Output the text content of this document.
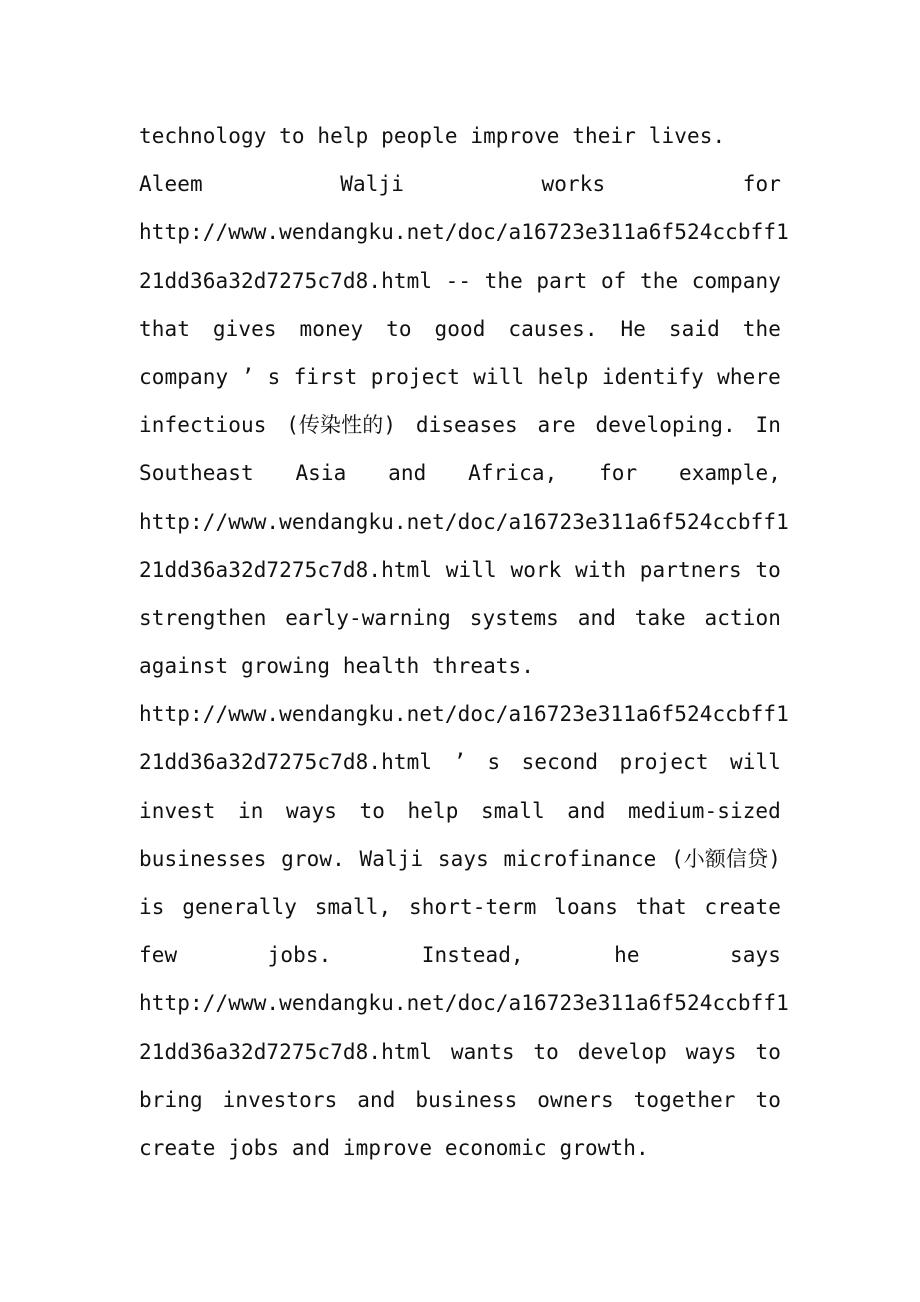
technology to help people improve their lives.
Aleem	Walji	works	for
http://www.wendangku.net/doc/a16723e311a6f524ccbff1
21dd36a32d7275c7d8.html -- the part of the company
that gives money to good causes. He said the
company ’ s first project will help identify where
infectious (传染性的) diseases are developing. In
Southeast Asia and Africa, for example,
http://www.wendangku.net/doc/a16723e311a6f524ccbff1
21dd36a32d7275c7d8.html will work with partners to
strengthen early-warning systems and take action
against growing health threats.
http://www.wendangku.net/doc/a16723e311a6f524ccbff1
21dd36a32d7275c7d8.html ’ s second project will
invest in ways to help small and medium-sized
businesses grow. Walji says microfinance (小额信贷)
is generally small, short-term loans that create
few	jobs.	Instead,	he	says
http://www.wendangku.net/doc/a16723e311a6f524ccbff1
21dd36a32d7275c7d8.html wants to develop ways to
bring investors and business owners together to
create jobs and improve economic growth.
